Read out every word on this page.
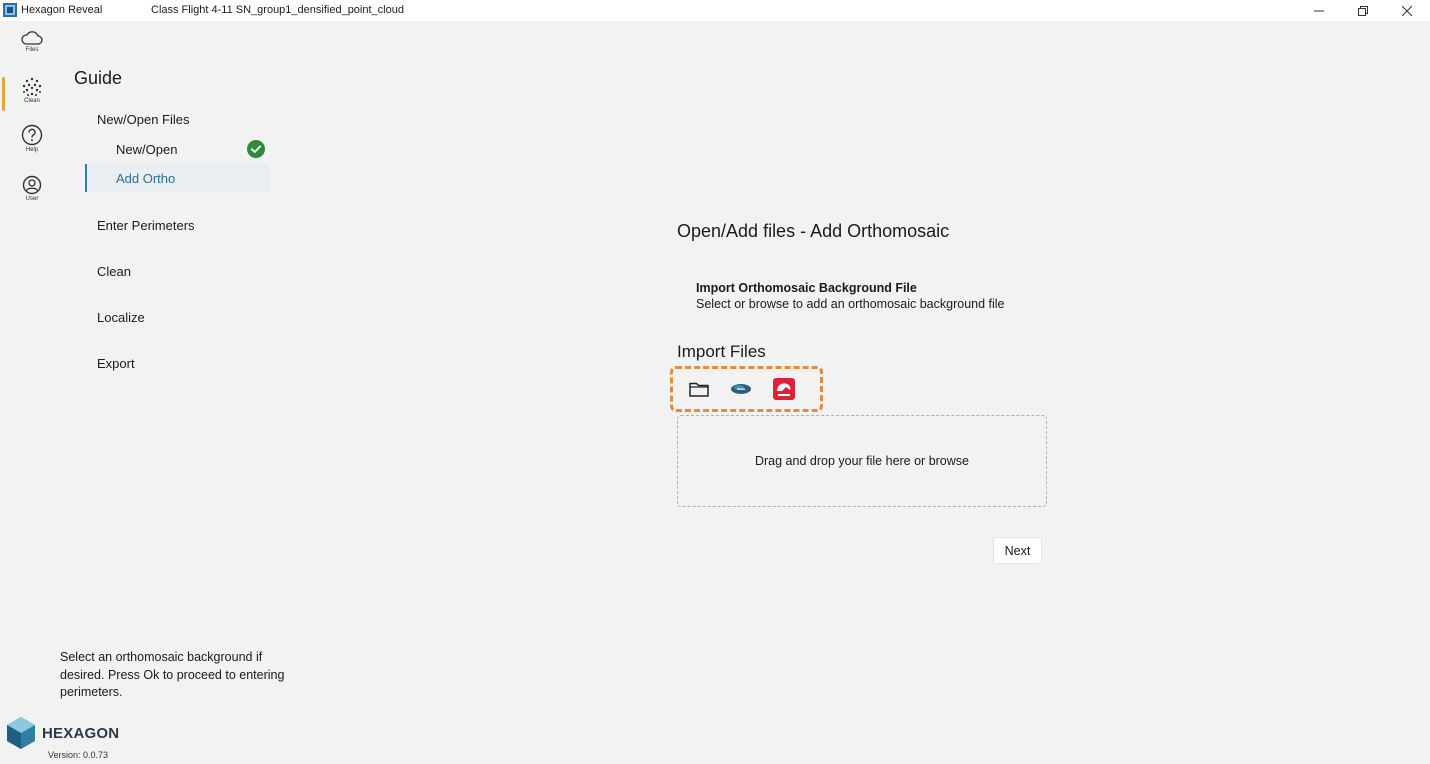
Hexagon Reveal	Class Flight 4-11 SN_group1_densified_point_cloud
Files
Clean
Help
User
Guide
New/Open Files
New/Open
Add Ortho
Enter Perimeters
Clean
Localize
Export
Select an orthomosaic background if desired. Press Ok to proceed to entering perimeters.
HEXAGON
Version: 0.0.73
Open/Add files - Add Orthomosaic
Import Orthomosaic Background File
Select or browse to add an orthomosaic background file
Import Files
Drag and drop your file here or browse
Next
